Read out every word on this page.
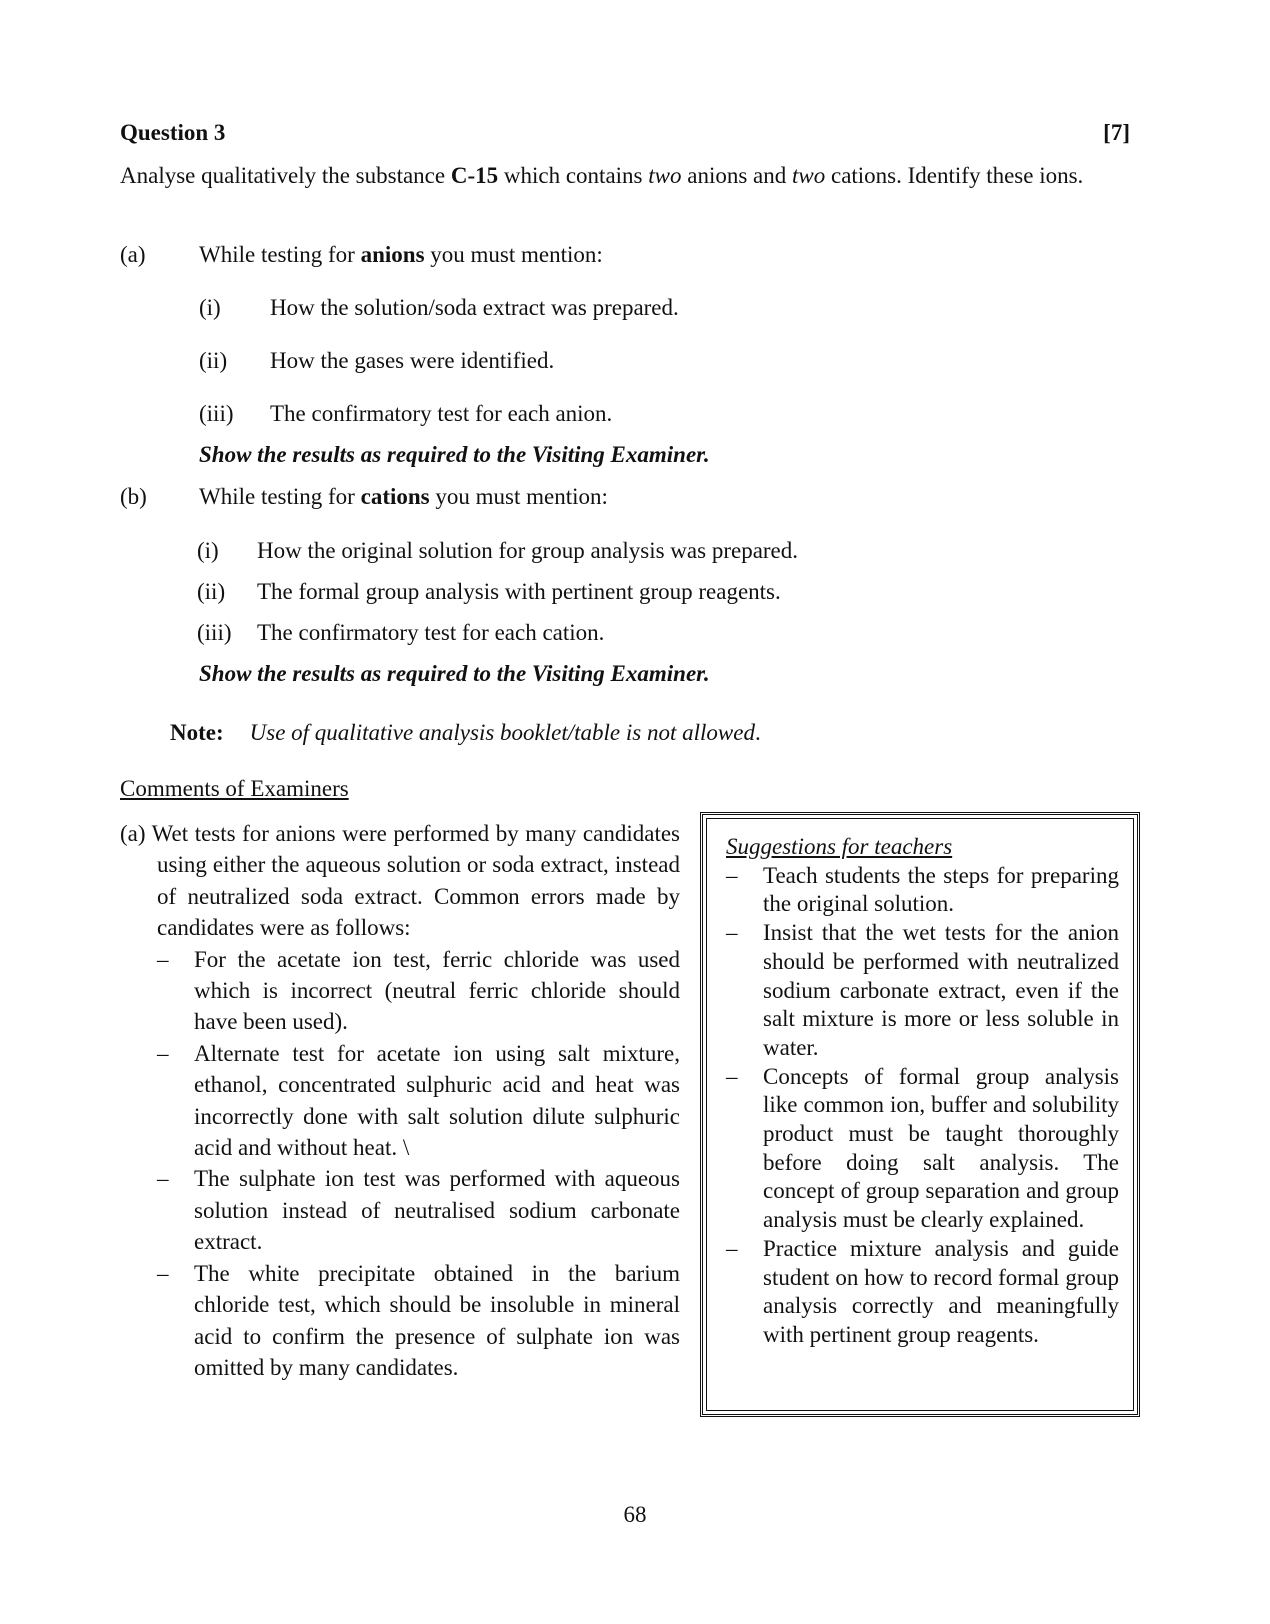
Question 3	[7]
Analyse qualitatively the substance C-15 which contains two anions and two cations. Identify these ions.
(a) While testing for anions you must mention:
(i) How the solution/soda extract was prepared.
(ii) How the gases were identified.
(iii) The confirmatory test for each anion.
Show the results as required to the Visiting Examiner.
(b) While testing for cations you must mention:
(i) How the original solution for group analysis was prepared.
(ii) The formal group analysis with pertinent group reagents.
(iii) The confirmatory test for each cation.
Show the results as required to the Visiting Examiner.
Note: Use of qualitative analysis booklet/table is not allowed.
Comments of Examiners

(a) Wet tests for anions were performed by many candidates using either the aqueous solution or soda extract, instead of neutralized soda extract. Common errors made by candidates were as follows:

– For the acetate ion test, ferric chloride was used which is incorrect (neutral ferric chloride should have been used).
– Alternate test for acetate ion using salt mixture, ethanol, concentrated sulphuric acid and heat was incorrectly done with salt solution dilute sulphuric acid and without heat. \
– The sulphate ion test was performed with aqueous solution instead of neutralised sodium carbonate extract.
– The white precipitate obtained in the barium chloride test, which should be insoluble in mineral acid to confirm the presence of sulphate ion was omitted by many candidates.
Suggestions for teachers
– Teach students the steps for preparing the original solution.
– Insist that the wet tests for the anion should be performed with neutralized sodium carbonate extract, even if the salt mixture is more or less soluble in water.
– Concepts of formal group analysis like common ion, buffer and solubility product must be taught thoroughly before doing salt analysis. The concept of group separation and group analysis must be clearly explained.
– Practice mixture analysis and guide student on how to record formal group analysis correctly and meaningfully with pertinent group reagents.
68
